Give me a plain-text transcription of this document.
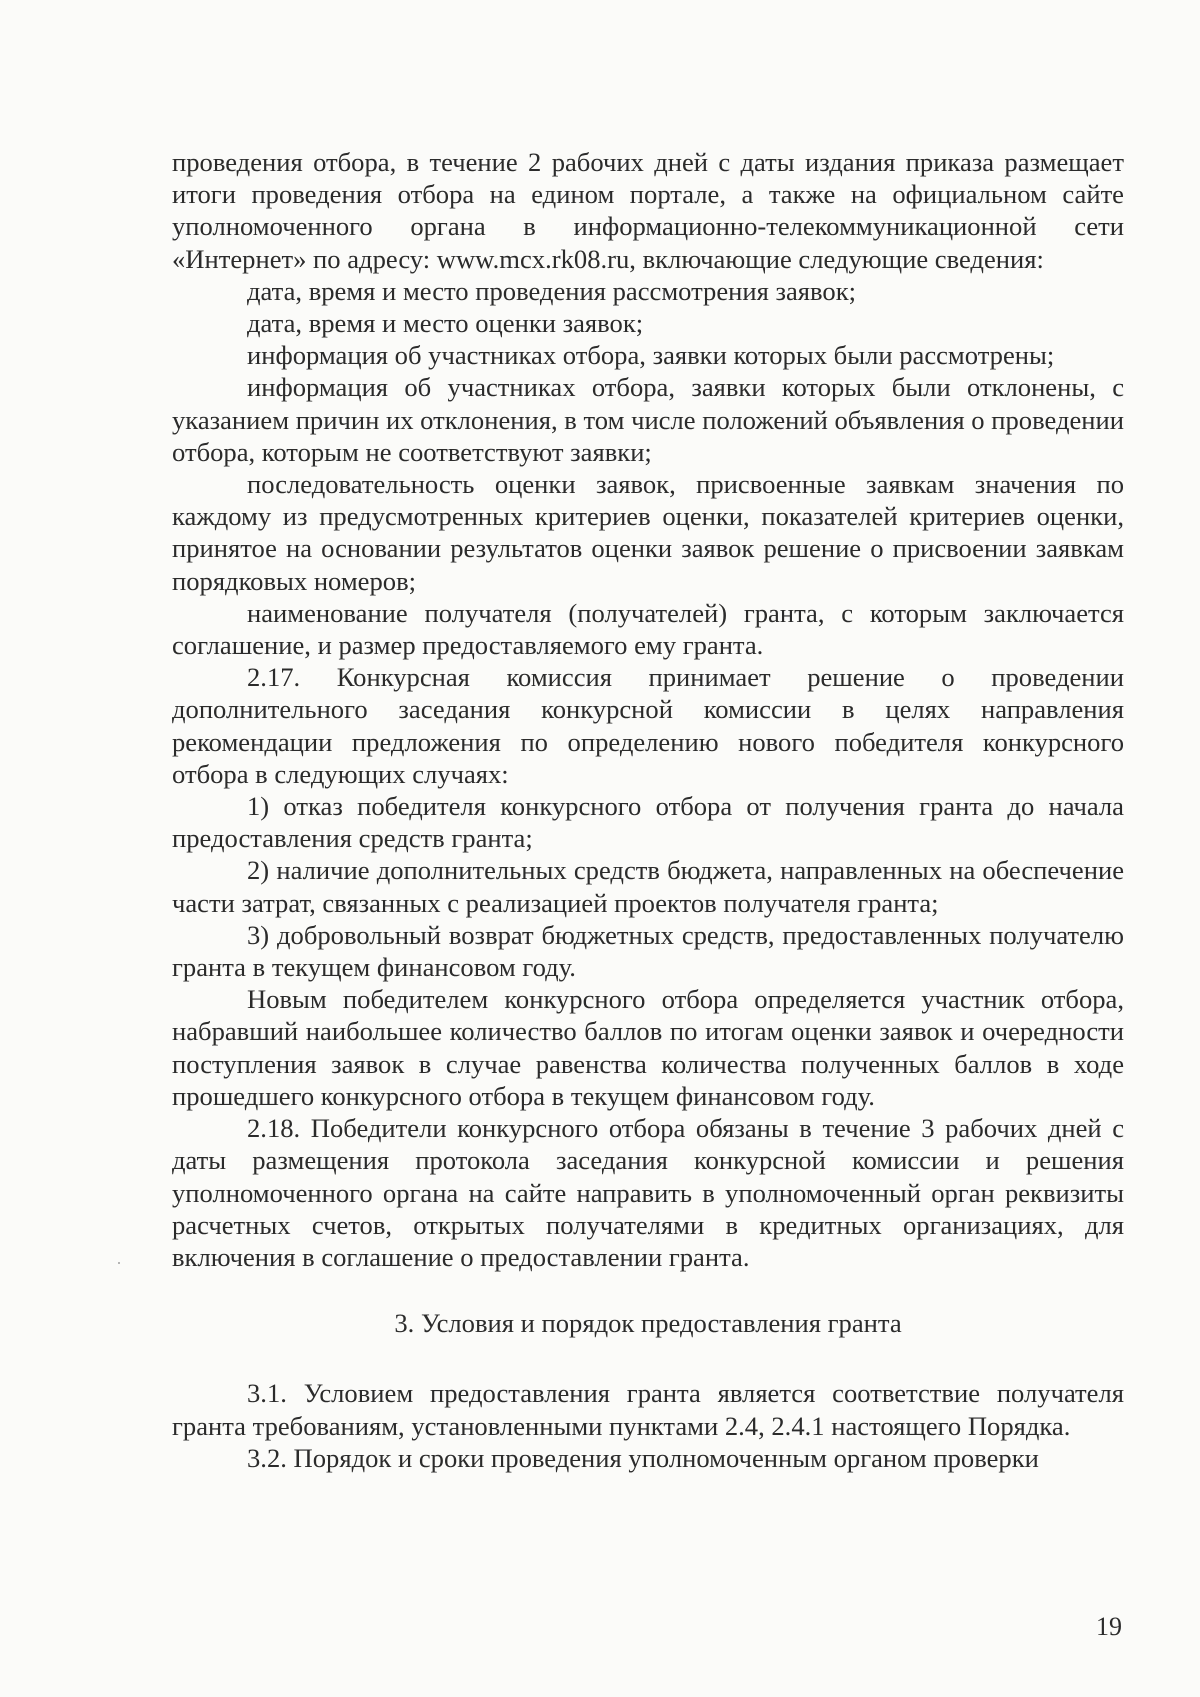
проведения отбора, в течение 2 рабочих дней с даты издания приказа размещает итоги проведения отбора на едином портале, а также на официальном сайте уполномоченного органа в информационно-телекоммуникационной сети «Интернет» по адресу: www.mcx.rk08.ru, включающие следующие сведения:

дата, время и место проведения рассмотрения заявок;

дата, время и место оценки заявок;

информация об участниках отбора, заявки которых были рассмотрены;

информация об участниках отбора, заявки которых были отклонены, с указанием причин их отклонения, в том числе положений объявления о проведении отбора, которым не соответствуют заявки;

последовательность оценки заявок, присвоенные заявкам значения по каждому из предусмотренных критериев оценки, показателей критериев оценки, принятое на основании результатов оценки заявок решение о присвоении заявкам порядковых номеров;

наименование получателя (получателей) гранта, с которым заключается соглашение, и размер предоставляемого ему гранта.

2.17. Конкурсная комиссия принимает решение о проведении дополнительного заседания конкурсной комиссии в целях направления рекомендации предложения по определению нового победителя конкурсного отбора в следующих случаях:

1) отказ победителя конкурсного отбора от получения гранта до начала предоставления средств гранта;

2) наличие дополнительных средств бюджета, направленных на обеспечение части затрат, связанных с реализацией проектов получателя гранта;

3) добровольный возврат бюджетных средств, предоставленных получателю гранта в текущем финансовом году.

Новым победителем конкурсного отбора определяется участник отбора, набравший наибольшее количество баллов по итогам оценки заявок и очередности поступления заявок в случае равенства количества полученных баллов в ходе прошедшего конкурсного отбора в текущем финансовом году.

2.18. Победители конкурсного отбора обязаны в течение 3 рабочих дней с даты размещения протокола заседания конкурсной комиссии и решения уполномоченного органа на сайте направить в уполномоченный орган реквизиты расчетных счетов, открытых получателями в кредитных организациях, для включения в соглашение о предоставлении гранта.

3. Условия и порядок предоставления гранта

3.1. Условием предоставления гранта является соответствие получателя гранта требованиям, установленными пунктами 2.4, 2.4.1 настоящего Порядка.

3.2. Порядок и сроки проведения уполномоченным органом проверки

19
